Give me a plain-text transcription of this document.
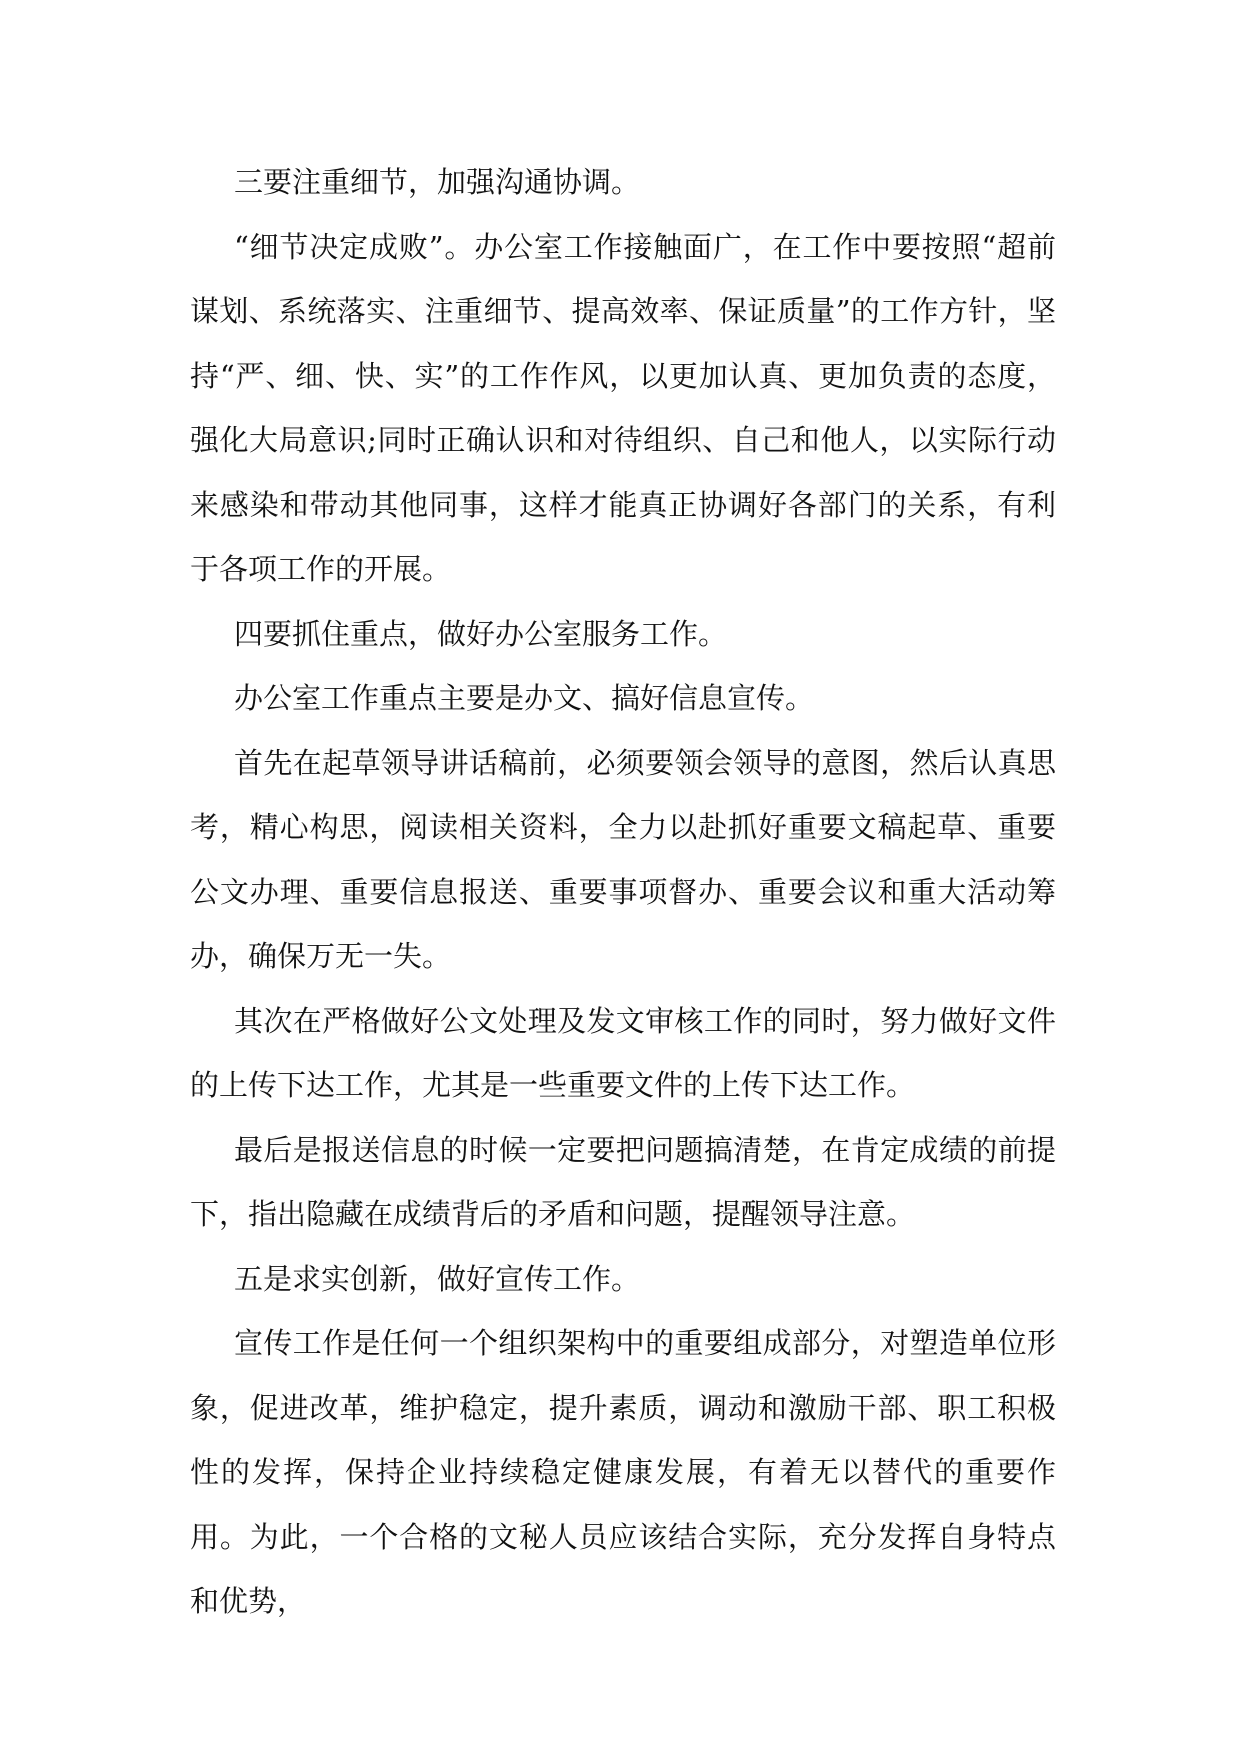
三要注重细节，加强沟通协调。

“细节决定成败”。办公室工作接触面广，在工作中要按照“超前谋划、系统落实、注重细节、提高效率、保证质量”的工作方针，坚持“严、细、快、实”的工作作风，以更加认真、更加负责的态度，强化大局意识;同时正确认识和对待组织、自己和他人，以实际行动来感染和带动其他同事，这样才能真正协调好各部门的关系，有利于各项工作的开展。

四要抓住重点，做好办公室服务工作。

办公室工作重点主要是办文、搞好信息宣传。

首先在起草领导讲话稿前，必须要领会领导的意图，然后认真思考，精心构思，阅读相关资料，全力以赴抓好重要文稿起草、重要公文办理、重要信息报送、重要事项督办、重要会议和重大活动筹办，确保万无一失。

其次在严格做好公文处理及发文审核工作的同时，努力做好文件的上传下达工作，尤其是一些重要文件的上传下达工作。

最后是报送信息的时候一定要把问题搞清楚，在肯定成绩的前提下，指出隐藏在成绩背后的矛盾和问题，提醒领导注意。

五是求实创新，做好宣传工作。

宣传工作是任何一个组织架构中的重要组成部分，对塑造单位形象，促进改革，维护稳定，提升素质，调动和激励干部、职工积极性的发挥，保持企业持续稳定健康发展，有着无以替代的重要作用。为此，一个合格的文秘人员应该结合实际，充分发挥自身特点和优势，
